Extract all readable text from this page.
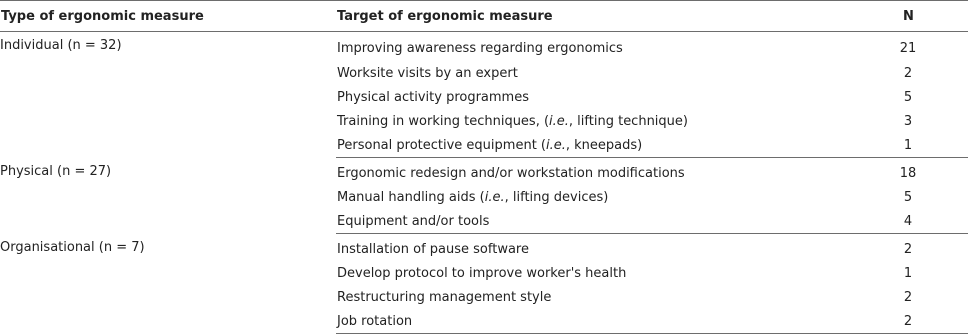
Type of ergonomic measure	Target of ergonomic measure	N
Individual (n = 32)	Improving awareness regarding ergonomics	21
	Worksite visits by an expert	2
	Physical activity programmes	5
	Training in working techniques, (i.e., lifting technique)	3
	Personal protective equipment (i.e., kneepads)	1
Physical (n = 27)	Ergonomic redesign and/or workstation modifications	18
	Manual handling aids (i.e., lifting devices)	5
	Equipment and/or tools	4
Organisational (n = 7)	Installation of pause software	2
	Develop protocol to improve worker's health	1
	Restructuring management style	2
	Job rotation	2
